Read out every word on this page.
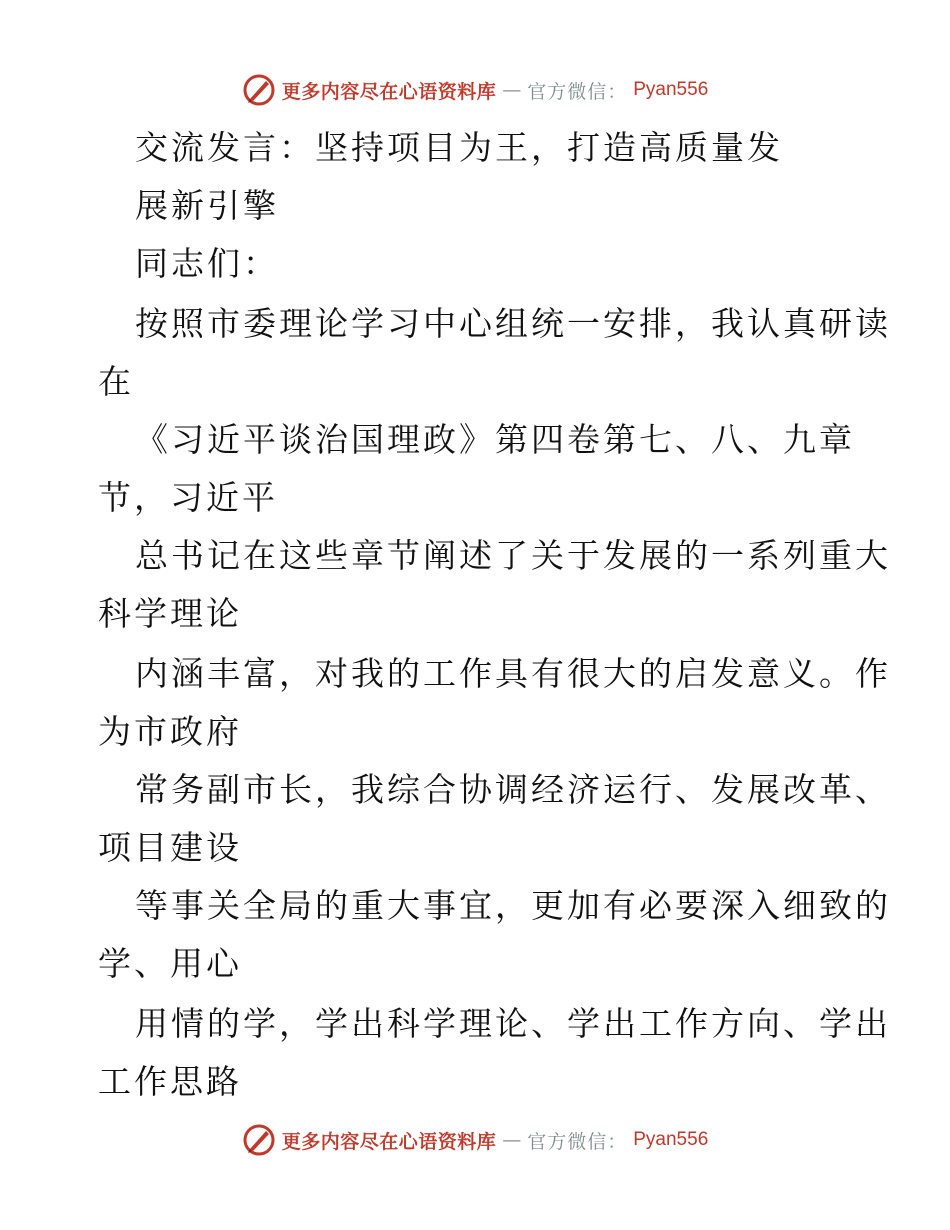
更多内容尽在心语资料库 — 官方微信： Pyan556
交流发言：坚持项目为王，打造高质量发
展新引擎
同志们：
按照市委理论学习中心组统一安排，我认真研读
在
《习近平谈治国理政》第四卷第七、八、九章
节，习近平
总书记在这些章节阐述了关于发展的一系列重大
科学理论
内涵丰富，对我的工作具有很大的启发意义。作
为市政府
常务副市长，我综合协调经济运行、发展改革、
项目建设
等事关全局的重大事宜，更加有必要深入细致的
学、用心
用情的学，学出科学理论、学出工作方向、学出
工作思路
更多内容尽在心语资料库 — 官方微信： Pyan556
